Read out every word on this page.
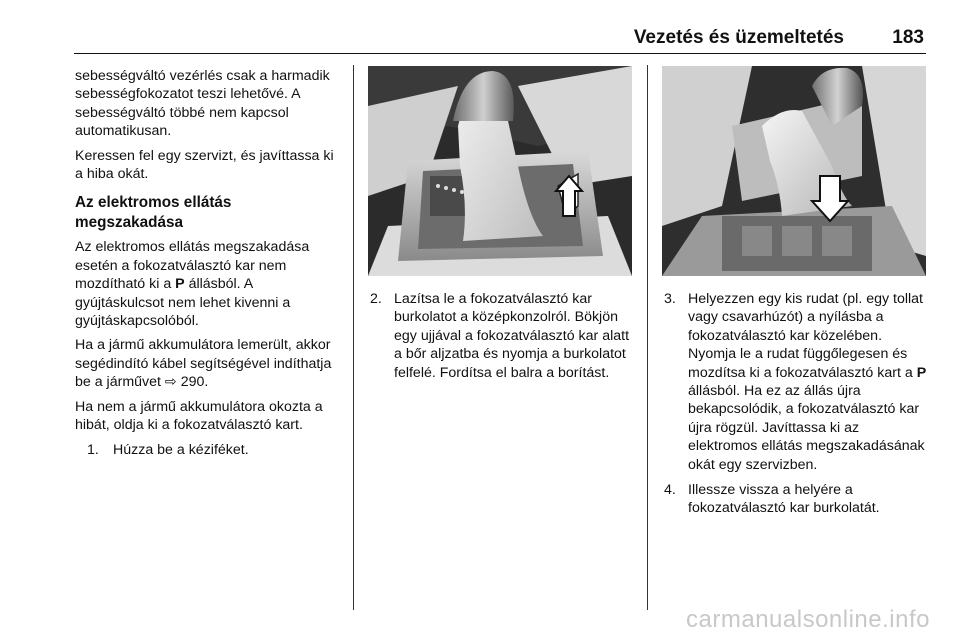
Vezetés és üzemeltetés	183

sebességváltó vezérlés csak a harmadik sebességfokozatot teszi lehetővé. A sebességváltó többé nem kapcsol automatikusan.

Keressen fel egy szervizt, és javíttassa ki a hiba okát.

Az elektromos ellátás megszakadása

Az elektromos ellátás megszakadása esetén a fokozatválasztó kar nem mozdítható ki a P állásból. A gyújtáskulcsot nem lehet kivenni a gyújtáskapcsolóból.

Ha a jármű akkumulátora lemerült, akkor segédindító kábel segítségével indíthatja be a járművet ⇨ 290.

Ha nem a jármű akkumulátora okozta a hibát, oldja ki a fokozatválasztó kart.

1. Húzza be a kéziféket.
2. Lazítsa le a fokozatválasztó kar burkolatot a középkonzolról. Bökjön egy ujjával a fokozatválasztó kar alatt a bőr aljzatba és nyomja a burkolatot felfelé. Fordítsa el balra a borítást.
3. Helyezzen egy kis rudat (pl. egy tollat vagy csavarhúzót) a nyílásba a fokozatválasztó kar közelében. Nyomja le a rudat függőlegesen és mozdítsa ki a fokozatválasztó kart a P állásból. Ha ez az állás újra bekapcsolódik, a fokozatválasztó kar újra rögzül. Javíttassa ki az elektromos ellátás megszakadásának okát egy szervizben.
4. Illessze vissza a helyére a fokozatválasztó kar burkolatát.
carmanualsonline.info
